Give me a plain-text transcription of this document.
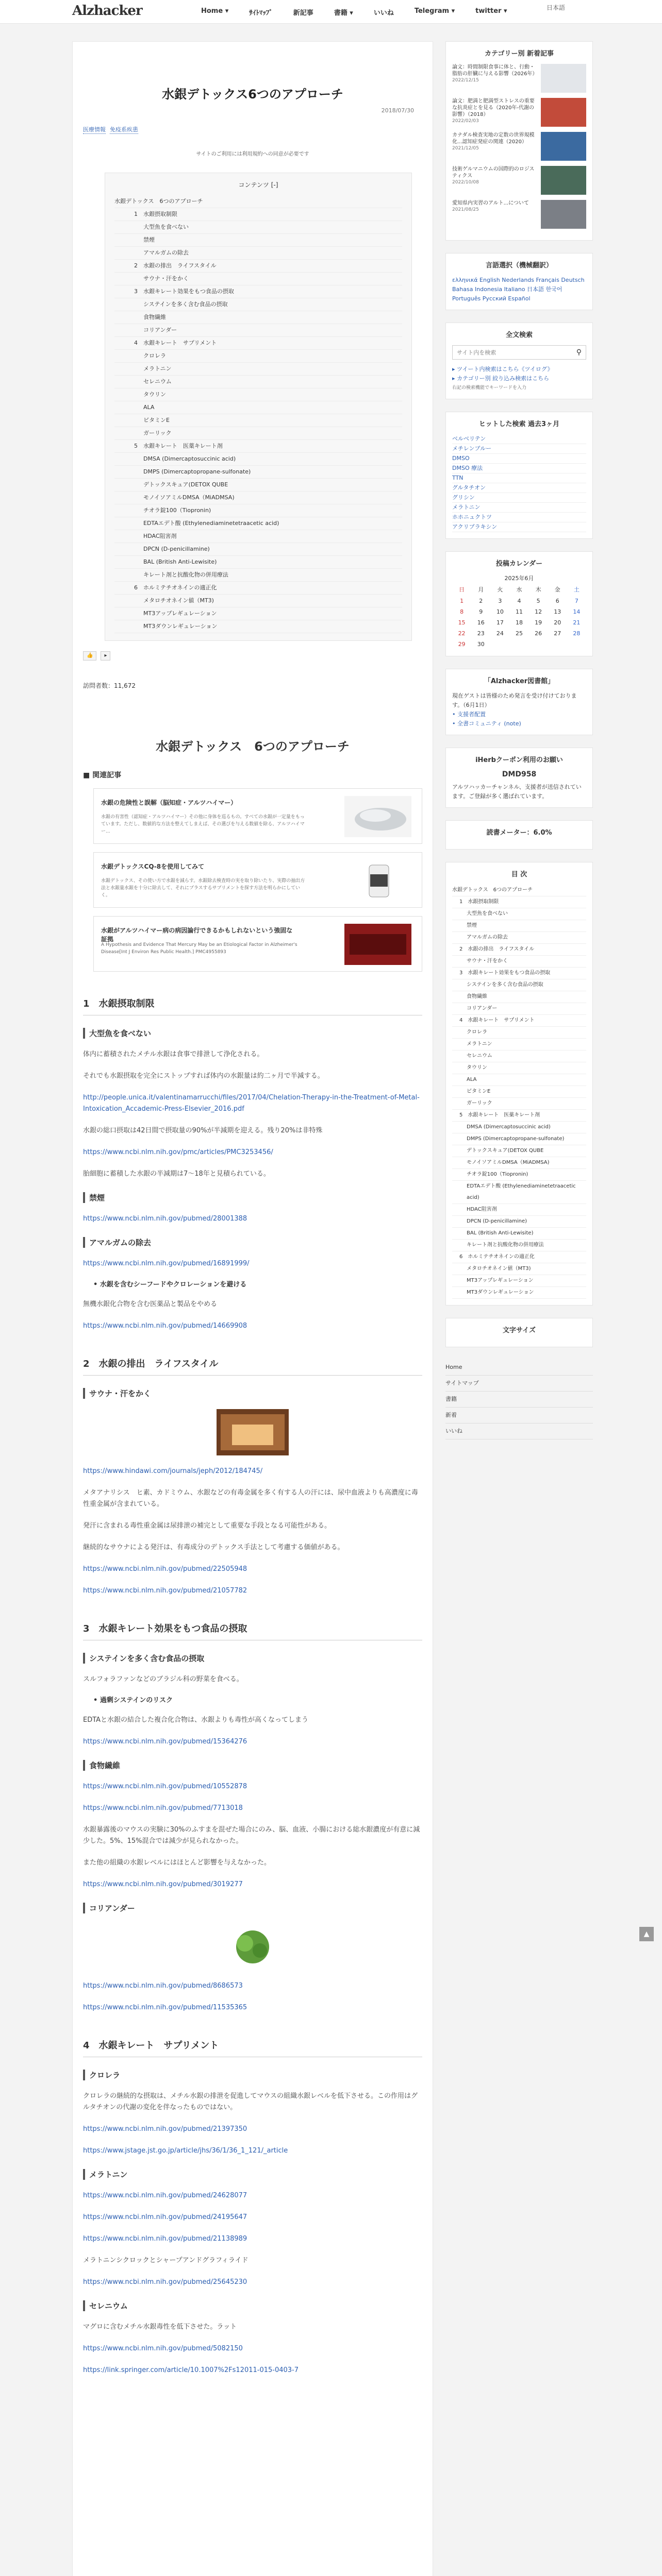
Alzhacker	Home ▾	ｻｲﾄﾏｯﾌﾟ	新記事	書籍 ▾	いいね	Telegram ▾	twitter ▾	日本語
水銀デトックス6つのアプローチ
2018/07/30
医療情報 免疫系疾患
サイトのご利用には利用規約への同意が必要です
コンテンツ [-]
水銀デトックス　6つのアプローチ
1　水銀摂取制限
大型魚を食べない
禁煙
アマルガムの除去
2　水銀の排出　ライフスタイル
サウナ・汗をかく
3　水銀キレート効果をもつ食品の摂取
システインを多く含む食品の摂取
食物繊維
コリアンダー
4　水銀キレート　サプリメント
クロレラ
メラトニン
セレニウム
タウリン
ALA
ビタミンE
ガーリック
5　水銀キレート　医薬キレート剤
DMSA (Dimercaptosuccinic acid)
DMPS (Dimercaptopropane-sulfonate)
デトックスキュア(DETOX QUBE
モノイソアミルDMSA（MiADMSA)
チオラ錠100（Tiopronin)
EDTAエデト酸 (Ethylenediaminetetraacetic acid)
HDAC阻害剤
DPCN (D-penicillamine)
BAL (British Anti-Lewisite)
キレート剤と抗酸化物の併用療法
6　ホルミテチオネインの適正化
メタロチオネイン値（MT3)
MT3アップレギュレーション
MT3ダウンレギュレーション
👍	▸
訪問者数：11,672
水銀デトックス　6つのアプローチ
■ 関連記事
水銀の危険性と誤解（脳知症・アルツハイマー）
水銀の有害性（認知症・アルツハイマー）その他に身体を巡るもの。すべての水銀が一定量をもっています。ただし、数値的な方法を整えてしまえば、その選びを与える数値を除る、アルツハイマー...
水銀デトックスCQ-8を使用してみて
水銀デトックス、その使い方で水銀を減らす。水銀除去検査時の実を取り除いたり、実際の抽出方法と水銀量水銀を十分に除去して、それにプラスするサプリメントを探す方法を明らかにしていく。
水銀がアルツハイマー病の病因論行できるかもしれないという強固な証拠
A Hypothesis and Evidence That Mercury May be an Etiological Factor in Alzheimer's Disease[Int J Environ Res Public Health.] PMC4955893
1　水銀摂取制限
大型魚を食べない
体内に蓄積されたメチル水銀は食事で排泄して浄化される。
それでも水銀摂取を完全にストップすれば体内の水銀量は約二ヶ月で半減する。
http://people.unica.it/valentinamarrucchi/files/2017/04/Chelation-Therapy-in-the-Treatment-of-Metal-Intoxication_Accademic-Press-Elsevier_2016.pdf
水銀の総口摂取は42日間で摂取量の90%が半減期を迎える。残り20%は非特殊
https://www.ncbi.nlm.nih.gov/pmc/articles/PMC3253456/
胎細胞に蓄積した水銀の半減期は7〜18年と見積られている。
禁煙
https://www.ncbi.nlm.nih.gov/pubmed/28001388
アマルガムの除去
https://www.ncbi.nlm.nih.gov/pubmed/16891999/
• 水銀を含むシーフードやクロレーションを避ける
無機水銀化合物を含む医薬品と製品をやめる
https://www.ncbi.nlm.nih.gov/pubmed/14669908
2　水銀の排出　ライフスタイル
サウナ・汗をかく
https://www.hindawi.com/journals/jeph/2012/184745/
メタアナリシス　ヒ素、カドミウム、水銀などの有毒金属を多く有する人の汗には、尿中血液よりも高濃度に毒性重金属が含まれている。
発汗に含まれる毒性重金属は尿排泄の補完として重要な手段となる可能性がある。
継続的なサウナによる発汗は、有毒成分のデトックス手法として考慮する価値がある。
https://www.ncbi.nlm.nih.gov/pubmed/22505948
https://www.ncbi.nlm.nih.gov/pubmed/21057782
3　水銀キレート効果をもつ食品の摂取
システインを多く含む食品の摂取
スルフォラファンなどのブラジル科の野菜を食べる。
• 過剰システインのリスク
EDTAと水銀の結合した複合化合物は、水銀よりも毒性が高くなってしまう
https://www.ncbi.nlm.nih.gov/pubmed/15364276
食物繊維
https://www.ncbi.nlm.nih.gov/pubmed/10552878
https://www.ncbi.nlm.nih.gov/pubmed/7713018
水銀暴露後のマウスの実験に30%のふすまを混ぜた場合にのみ、脳、血液、小腸における総水銀濃度が有意に減少した。5%、15%混合では減少が見られなかった。
また他の組織の水銀レベルにはほとんど影響を与えなかった。
https://www.ncbi.nlm.nih.gov/pubmed/3019277
コリアンダー
https://www.ncbi.nlm.nih.gov/pubmed/8686573
https://www.ncbi.nlm.nih.gov/pubmed/11535365
4　水銀キレート　サプリメント
クロレラ
クロレラの継続的な摂取は、メチル水銀の排泄を促進してマウスの組織水銀レベルを低下させる。この作用はグルタチオンの代謝の変化を伴なったものではない。
https://www.ncbi.nlm.nih.gov/pubmed/21397350
https://www.jstage.jst.go.jp/article/jhs/36/1/36_1_121/_article
メラトニン
https://www.ncbi.nlm.nih.gov/pubmed/24628077
https://www.ncbi.nlm.nih.gov/pubmed/24195647
https://www.ncbi.nlm.nih.gov/pubmed/21138989
メラトニンシクロックとシャープアンドグラフィライド
https://www.ncbi.nlm.nih.gov/pubmed/25645230
セレニウム
マグロに含むメチル水銀毒性を低下させた。ラット
https://www.ncbi.nlm.nih.gov/pubmed/5082150
https://link.springer.com/article/10.1007%2Fs12011-015-0403-7
カテゴリー別 新着記事
論文：時間制限食事に体と、行動・脂肪の肝臓に与える影響（2026年）
2022/12/15
論文：肥満と肥満型ストレスの重要な抗炎症とを見る（2020年-代謝の影響）（2018）
2022/02/03
カナダル検査実地の定数の世界規模化...認知症発症の関連（2020）
2021/12/05
技術ゲルマニウムの国際的のロジスティクス
2022/10/08
愛知県内実習のアルト...について
2021/08/25
言語選択（機械翻訳）
ελληνικά English Nederlands Français Deutsch Bahasa Indonesia Italiano 日本語 한국어 Português Русский Español
全文検索
サイト内を検索
⚲
▸ ツイート内検索はこちら《ツイログ》
▸ カテゴリー別 絞り込み検索はこちら
右記の検索機能でキーワードを入力
ヒットした検索 過去3ヶ月
ベルベリテン
メチレンブルー
DMSO
DMSO 療法
TTN
グルタチオン
グリシン
メラトニン
ホホニュクトツ
アクリプラキシン
投稿カレンダー
2025年6月
日	月	火	水	木	金	土
1	2	3	4	5	6	7
8	9	10	11	12	13	14
15	16	17	18	19	20	21
22	23	24	25	26	27	28
29	30					
「Alzhacker図書館」
現在ゲストは皆様のため発言を受け付けております。（6月1日）
• 支援者配置
• 全書コミュニティ (note)
iHerbクーポン利用のお願い
DMD958
アルツハッカーチャンネル、支援者が送信されています。ご登録が多く選ばれています。
読書メーター：6.0%
目 次
水銀デトックス　6つのアプローチ
1　水銀摂取制限
大型魚を食べない
禁煙
アマルガムの除去
2　水銀の排出　ライフスタイル
サウナ・汗をかく
3　水銀キレート効果をもつ食品の摂取
システインを多く含む食品の摂取
食物繊維
コリアンダー
4　水銀キレート　サプリメント
クロレラ
メラトニン
セレニウム
タウリン
ALA
ビタミンE
ガーリック
5　水銀キレート　医薬キレート剤
DMSA (Dimercaptosuccinic acid)
DMPS (Dimercaptopropane-sulfonate)
デトックスキュア(DETOX QUBE
モノイソアミルDMSA（MiADMSA)
チオラ錠100（Tiopronin)
EDTAエデト酸 (Ethylenediaminetetraacetic acid)
HDAC阻害剤
DPCN (D-penicillamine)
BAL (British Anti-Lewisite)
キレート剤と抗酸化物の併用療法
6　ホルミテチオネインの適正化
メタロチオネイン値（MT3)
MT3アップレギュレーション
MT3ダウンレギュレーション
文字サイズ
Home
サイトマップ
書籍
新着
いいね
▲
